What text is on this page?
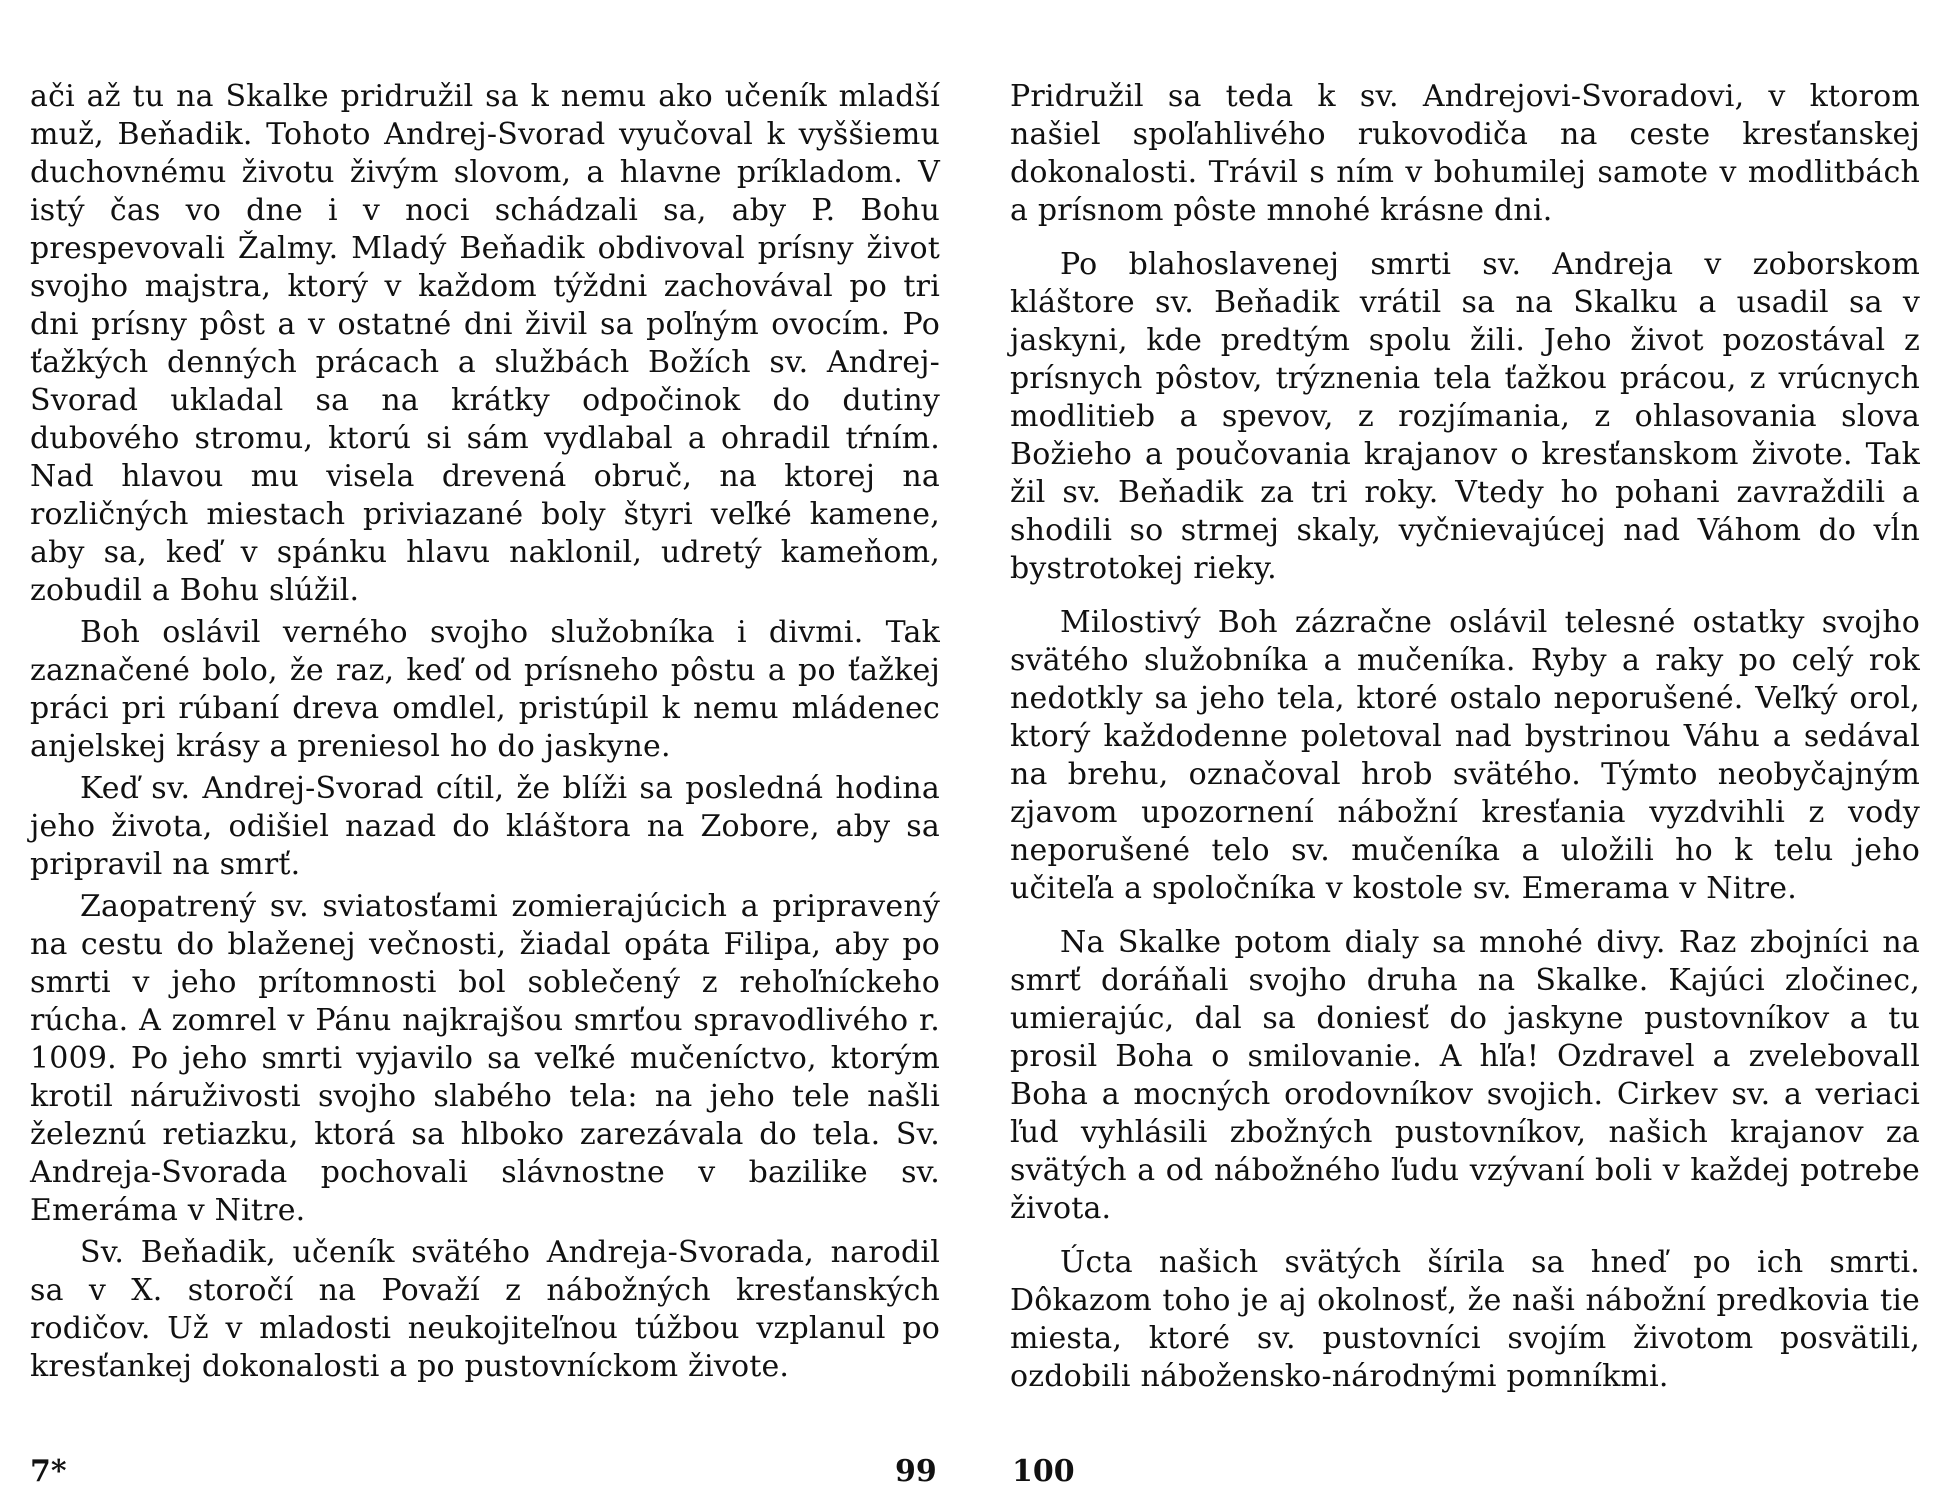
ači až tu na Skalke pridružil sa k nemu ako učeník mladší muž, Beňadik. Tohoto Andrej-Svorad vyučoval k vyššiemu duchovnému životu živým slovom, a hlavne príkladom. V istý čas vo dne i v noci schádzali sa, aby P. Bohu prespevovali Žalmy. Mladý Beňadik obdivoval prísny život svojho majstra, ktorý v každom týždni zachovával po tri dni prísny pôst a v ostatné dni živil sa poľným ovocím. Po ťažkých denných prácach a službách Božích sv. Andrej-Svorad ukladal sa na krátky odpočinok do dutiny dubového stromu, ktorú si sám vydlabal a ohradil tŕním. Nad hlavou mu visela drevená obruč, na ktorej na rozličných miestach priviazané boly štyri veľké kamene, aby sa, keď v spánku hlavu naklonil, udretý kameňom, zobudil a Bohu slúžil.

Boh oslávil verného svojho služobníka i divmi. Tak zaznačené bolo, že raz, keď od prísneho pôstu a po ťažkej práci pri rúbaní dreva omdlel, pristúpil k nemu mládenec anjelskej krásy a preniesol ho do jaskyne.

Keď sv. Andrej-Svorad cítil, že blíži sa posledná hodina jeho života, odišiel nazad do kláštora na Zobore, aby sa pripravil na smrť.

Zaopatrený sv. sviatosťami zomierajúcich a pripravený na cestu do blaženej večnosti, žiadal opáta Filipa, aby po smrti v jeho prítomnosti bol soblečený z rehoľníckeho rúcha. A zomrel v Pánu najkrajšou smrťou spravodlivého r. 1009. Po jeho smrti vyjavilo sa veľké mučeníctvo, ktorým krotil náruživosti svojho slabého tela: na jeho tele našli železnú retiazku, ktorá sa hlboko zarezávala do tela. Sv. Andreja-Svorada pochovali slávnostne v bazilike sv. Emeráma v Nitre.

Sv. Beňadik, učeník svätého Andreja-Svorada, narodil sa v X. storočí na Považí z nábožných kresťanských rodičov. Už v mladosti neukojiteľnou túžbou vzplanul po kresťankej dokonalosti a po pustovníckom živote.

Pridružil sa teda k sv. Andrejovi-Svoradovi, v ktorom našiel spoľahlivého rukovodiča na ceste kresťanskej dokonalosti. Trávil s ním v bohumilej samote v modlitbách a prísnom pôste mnohé krásne dni.

Po blahoslavenej smrti sv. Andreja v zoborskom kláštore sv. Beňadik vrátil sa na Skalku a usadil sa v jaskyni, kde predtým spolu žili. Jeho život pozostával z prísnych pôstov, trýznenia tela ťažkou prácou, z vrúcnych modlitieb a spevov, z rozjímania, z ohlasovania slova Božieho a poučovania krajanov o kresťanskom živote. Tak žil sv. Beňadik za tri roky. Vtedy ho pohani zavraždili a shodili so strmej skaly, vyčnievajúcej nad Váhom do vĺn bystrotokej rieky.

Milostivý Boh zázračne oslávil telesné ostatky svojho svätého služobníka a mučeníka. Ryby a raky po celý rok nedotkly sa jeho tela, ktoré ostalo neporušené. Veľký orol, ktorý každodenne poletoval nad bystrinou Váhu a sedával na brehu, označoval hrob svätého. Týmto neobyčajným zjavom upozornení nábožní kresťania vyzdvihli z vody neporušené telo sv. mučeníka a uložili ho k telu jeho učiteľa a spoločníka v kostole sv. Emerama v Nitre.

Na Skalke potom dialy sa mnohé divy. Raz zbojníci na smrť doráňali svojho druha na Skalke. Kajúci zločinec, umierajúc, dal sa doniesť do jaskyne pustovníkov a tu prosil Boha o smilovanie. A hľa! Ozdravel a zvelebovall Boha a mocných orodovníkov svojich. Cirkev sv. a veriaci ľud vyhlásili zbožných pustovníkov, našich krajanov za svätých a od nábožného ľudu vzývaní boli v každej potrebe života.

Úcta našich svätých šírila sa hneď po ich smrti. Dôkazom toho je aj okolnosť, že naši nábožní predkovia tie miesta, ktoré sv. pustovníci svojím životom posvätili, ozdobili nábožensko-národnými pomníkmi.

7*	99	100
